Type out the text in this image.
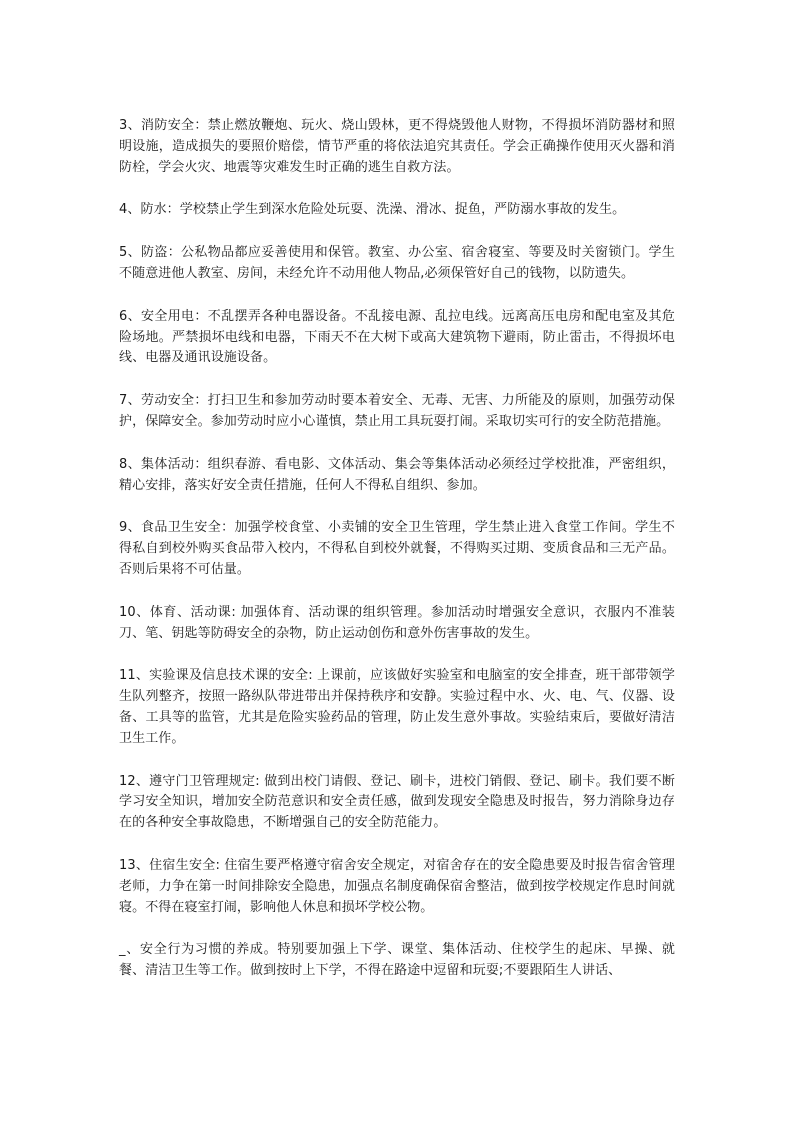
3、消防安全：禁止燃放鞭炮、玩火、烧山毁林，更不得烧毁他人财物，不得损坏消防器材和照明设施，造成损失的要照价赔偿，情节严重的将依法追究其责任。学会正确操作使用灭火器和消防栓，学会火灾、地震等灾难发生时正确的逃生自救方法。

4、防水：学校禁止学生到深水危险处玩耍、洗澡、滑冰、捉鱼，严防溺水事故的发生。

5、防盗：公私物品都应妥善使用和保管。教室、办公室、宿舍寝室、等要及时关窗锁门。学生不随意进他人教室、房间，未经允许不动用他人物品,必须保管好自己的钱物，以防遗失。

6、安全用电：不乱摆弄各种电器设备。不乱接电源、乱拉电线。远离高压电房和配电室及其危险场地。严禁损坏电线和电器，下雨天不在大树下或高大建筑物下避雨，防止雷击，不得损坏电线、电器及通讯设施设备。

7、劳动安全：打扫卫生和参加劳动时要本着安全、无毒、无害、力所能及的原则，加强劳动保护，保障安全。参加劳动时应小心谨慎，禁止用工具玩耍打闹。采取切实可行的安全防范措施。

8、集体活动：组织春游、看电影、文体活动、集会等集体活动必须经过学校批准，严密组织，精心安排，落实好安全责任措施，任何人不得私自组织、参加。

9、食品卫生安全：加强学校食堂、小卖铺的安全卫生管理，学生禁止进入食堂工作间。学生不得私自到校外购买食品带入校内，不得私自到校外就餐，不得购买过期、变质食品和三无产品。否则后果将不可估量。

10、体育、活动课: 加强体育、活动课的组织管理。参加活动时增强安全意识，衣服内不准装刀、笔、钥匙等防碍安全的杂物，防止运动创伤和意外伤害事故的发生。

11、实验课及信息技术课的安全: 上课前，应该做好实验室和电脑室的安全排查，班干部带领学生队列整齐，按照一路纵队带进带出并保持秩序和安静。实验过程中水、火、电、气、仪器、设备、工具等的监管，尤其是危险实验药品的管理，防止发生意外事故。实验结束后，要做好清洁卫生工作。

12、遵守门卫管理规定: 做到出校门请假、登记、刷卡，进校门销假、登记、刷卡。我们要不断学习安全知识，增加安全防范意识和安全责任感，做到发现安全隐患及时报告，努力消除身边存在的各种安全事故隐患，不断增强自己的安全防范能力。

13、住宿生安全: 住宿生要严格遵守宿舍安全规定，对宿舍存在的安全隐患要及时报告宿舍管理老师，力争在第一时间排除安全隐患，加强点名制度确保宿舍整洁，做到按学校规定作息时间就寝。不得在寝室打闹，影响他人休息和损坏学校公物。

_、安全行为习惯的养成。特别要加强上下学、课堂、集体活动、住校学生的起床、早操、就餐、清洁卫生等工作。做到按时上下学，不得在路途中逗留和玩耍;不要跟陌生人讲话、
